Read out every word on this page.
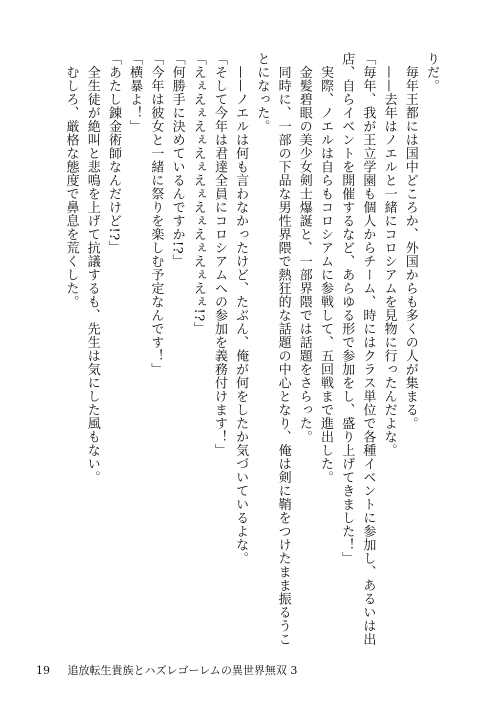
りだ。
　毎年王都には国中どころか、外国からも多くの人が集まる。
　——去年はノエルと一緒にコロシアムを見物に行ったんだよな。
「毎年、我が王立学園も個人からチーム、時にはクラス単位で各種イベントに参加し、あるいは出
店、自らイベントを開催するなど、あらゆる形で参加をし、盛り上げてきました！」
　実際、ノエルは自らもコロシアムに参戦して、五回戦まで進出した。
　金髪碧眼の美少女剣士爆誕と、一部界隈では話題をさらった。
　同時に、一部の下品な男性界隈で熱狂的な話題の中心となり、俺は剣に鞘をつけたまま振るうこ
とになった。
　——ノエルは何も言わなかったけど、たぶん、俺が何をしたか気づいているよな。
「そして今年は君達全員にコロシアムへの参加を義務付けます！」
「えぇえぇえぇえぇえぇえぇえぇえぇえぇ!?」
「何勝手に決めているんですか!?」
「今年は彼女と一緒に祭りを楽しむ予定なんです！」
「横暴よ！」
「あたし錬金術師なんだけど!?」
　全生徒が絶叫と悲鳴を上げて抗議するも、先生は気にした風もない。
　むしろ、厳格な態度で鼻息を荒くした。
19 追放転生貴族とハズレゴーレムの異世界無双 3
